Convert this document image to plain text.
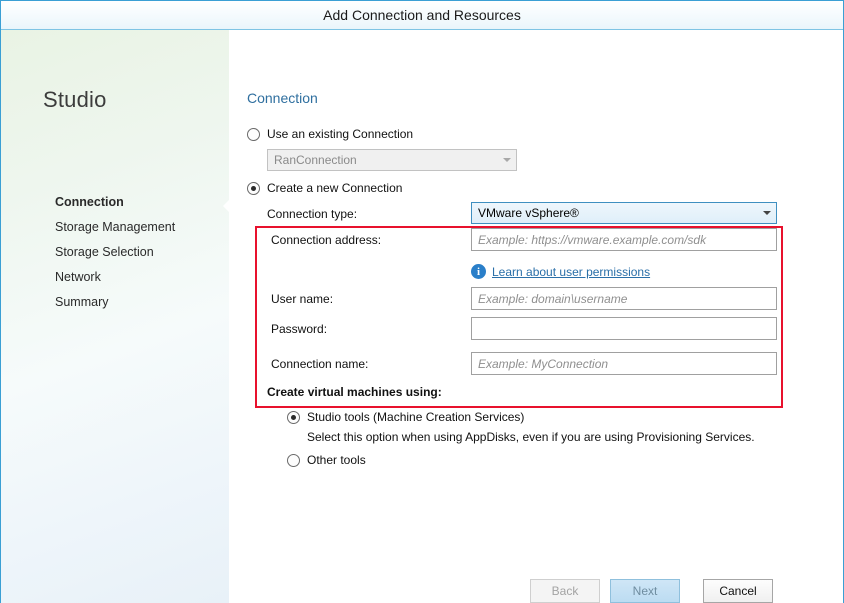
Add Connection and Resources
Studio
Connection
Storage Management
Storage Selection
Network
Summary
Connection
Use an existing Connection
RanConnection
Create a new Connection
Connection type:	VMware vSphere®
Connection address:	Example: https://vmware.example.com/sdk
i Learn about user permissions
User name:	Example: domain\username
Password:
Connection name:	Example: MyConnection
Create virtual machines using:
Studio tools (Machine Creation Services)
Select this option when using AppDisks, even if you are using Provisioning Services.
Other tools
Back	Next	Cancel
